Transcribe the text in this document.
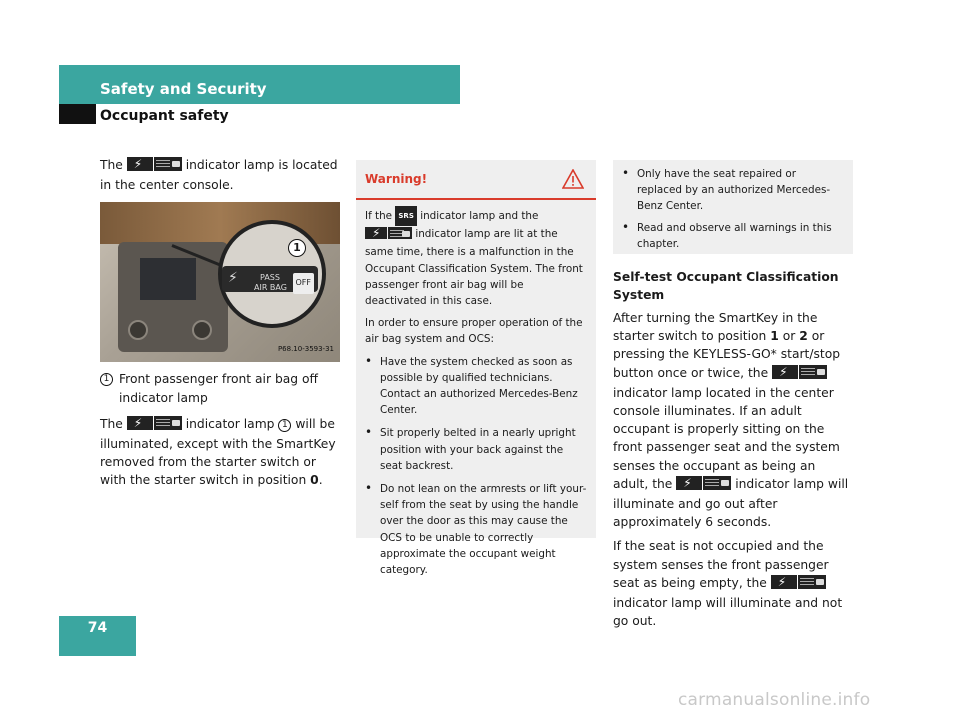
Safety and Security
Occupant safety

The ⚡	indicator lamp is located in the center console.

⚡	PASS
AIR BAG
OFF
1
P68.10-3593-31
1 Front passenger front air bag off indicator lamp

The ⚡	indicator lamp 1 will be illuminated, except with the SmartKey removed from the starter switch or with the starter switch in position 0.

Warning!

If the SRS indicator lamp and the ⚡ indicator lamp are lit at the same time, there is a malfunction in the Occupant Classification System. The front passenger front air bag will be deactivated in this case.

In order to ensure proper operation of the air bag system and OCS:

• Have the system checked as soon as possible by qualified technicians. Contact an authorized Mercedes-Benz Center.
• Sit properly belted in a nearly upright position with your back against the seat backrest.
• Do not lean on the armrests or lift your-self from the seat by using the handle over the door as this may cause the OCS to be unable to correctly approximate the occupant weight category.
• Only have the seat repaired or replaced by an authorized Mercedes-Benz Center.
• Read and observe all warnings in this chapter.
Self-test Occupant Classification System

After turning the SmartKey in the starter switch to position 1 or 2 or pressing the KEYLESS-GO* start/stop button once or twice, the ⚡ indicator lamp located in the center console illuminates. If an adult occupant is properly sitting on the front passenger seat and the system senses the occupant as being an adult, the ⚡	indicator lamp will illuminate and go out after approximately 6 seconds.

If the seat is not occupied and the system senses the front passenger seat as being empty, the ⚡ indicator lamp will illuminate and not go out.

74
carmanualsonline.info
